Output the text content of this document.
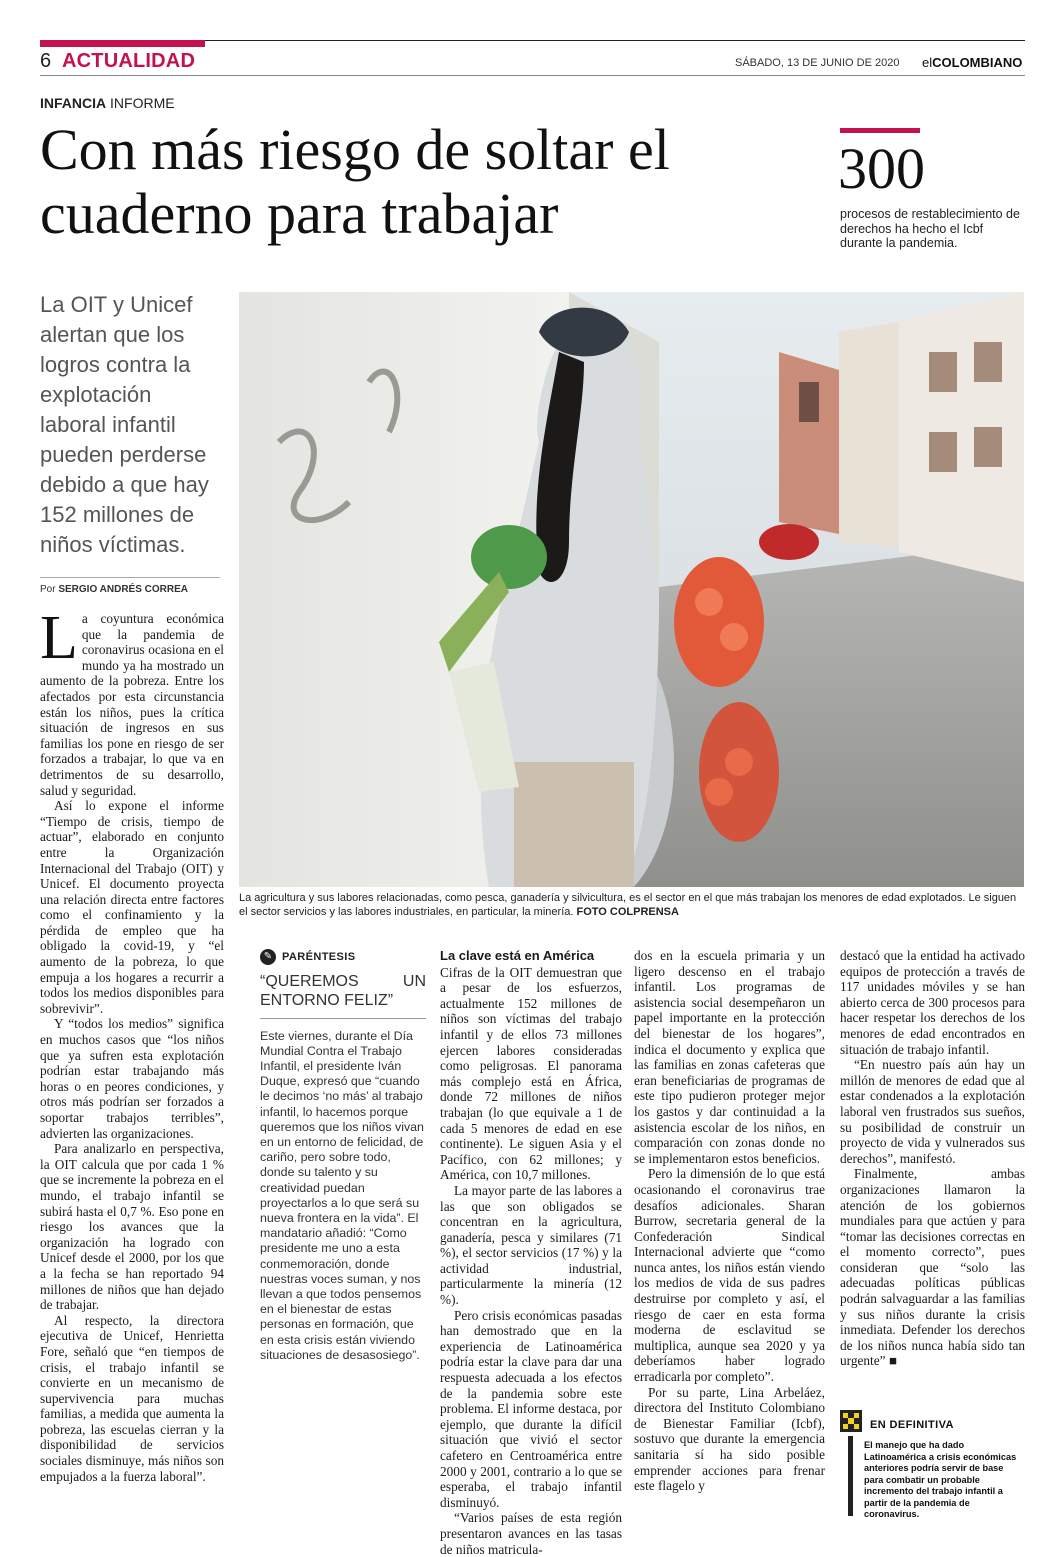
6 ACTUALIDAD	SÁBADO, 13 DE JUNIO DE 2020 elCOLOMBIANO
INFANCIA INFORME
Con más riesgo de soltar el cuaderno para trabajar
300
procesos de restablecimiento de derechos ha hecho el Icbf durante la pandemia.
La OIT y Unicef alertan que los logros contra la explotación laboral infantil pueden perderse debido a que hay 152 millones de niños víctimas.
Por SERGIO ANDRÉS CORREA
La agricultura y sus labores relacionadas, como pesca, ganadería y silvicultura, es el sector en el que más trabajan los menores de edad explotados. Le siguen el sector servicios y las labores industriales, en particular, la minería. FOTO COLPRENSA

La coyuntura económica que la pandemia de coronavirus ocasiona en el mundo ya ha mostrado un aumento de la pobreza. Entre los afectados por esta circunstancia están los niños, pues la crítica situación de ingresos en sus familias los pone en riesgo de ser forzados a trabajar, lo que va en detrimentos de su desarrollo, salud y seguridad.

Así lo expone el informe “Tiempo de crisis, tiempo de actuar”, elaborado en conjunto entre la Organización Internacional del Trabajo (OIT) y Unicef. El documento proyecta una relación directa entre factores como el confinamiento y la pérdida de empleo que ha obligado la covid-19, y “el aumento de la pobreza, lo que empuja a los hogares a recurrir a todos los medios disponibles para sobrevivir”.

Y “todos los medios” significa en muchos casos que “los niños que ya sufren esta explotación podrían estar trabajando más horas o en peores condiciones, y otros más podrían ser forzados a soportar trabajos terribles”, advierten las organizaciones.

Para analizarlo en perspectiva, la OIT calcula que por cada 1 % que se incremente la pobreza en el mundo, el trabajo infantil se subirá hasta el 0,7 %. Eso pone en riesgo los avances que la organización ha logrado con Unicef desde el 2000, por los que a la fecha se han reportado 94 millones de niños que han dejado de trabajar.

Al respecto, la directora ejecutiva de Unicef, Henrietta Fore, señaló que “en tiempos de crisis, el trabajo infantil se convierte en un mecanismo de supervivencia para muchas familias, a medida que aumenta la pobreza, las escuelas cierran y la disponibilidad de servicios sociales disminuye, más niños son empujados a la fuerza laboral”.

✎ PARÉNTESIS
“QUEREMOS UN ENTORNO FELIZ”
Este viernes, durante el Día Mundial Contra el Trabajo Infantil, el presidente Iván Duque, expresó que “cuando le decimos ‘no más’ al trabajo infantil, lo hacemos porque queremos que los niños vivan en un entorno de felicidad, de cariño, pero sobre todo, donde su talento y su creatividad puedan proyectarlos a lo que será su nueva frontera en la vida”. El mandatario añadió: “Como presidente me uno a esta conmemoración, donde nuestras voces suman, y nos llevan a que todos pensemos en el bienestar de estas personas en formación, que en esta crisis están viviendo situaciones de desasosiego”.
La clave está en América

Cifras de la OIT demuestran que a pesar de los esfuerzos, actualmente 152 millones de niños son víctimas del trabajo infantil y de ellos 73 millones ejercen labores consideradas como peligrosas. El panorama más complejo está en África, donde 72 millones de niños trabajan (lo que equivale a 1 de cada 5 menores de edad en ese continente). Le siguen Asia y el Pacífico, con 62 millones; y América, con 10,7 millones.

La mayor parte de las labores a las que son obligados se concentran en la agricultura, ganadería, pesca y similares (71 %), el sector servicios (17 %) y la actividad industrial, particularmente la minería (12 %).

Pero crisis económicas pasadas han demostrado que en la experiencia de Latinoamérica podría estar la clave para dar una respuesta adecuada a los efectos de la pandemia sobre este problema. El informe destaca, por ejemplo, que durante la difícil situación que vivió el sector cafetero en Centroamérica entre 2000 y 2001, contrario a lo que se esperaba, el trabajo infantil disminuyó.

“Varios países de esta región presentaron avances en las tasas de niños matricula-

dos en la escuela primaria y un ligero descenso en el trabajo infantil. Los programas de asistencia social desempeñaron un papel importante en la protección del bienestar de los hogares”, indica el documento y explica que las familias en zonas cafeteras que eran beneficiarias de programas de este tipo pudieron proteger mejor los gastos y dar continuidad a la asistencia escolar de los niños, en comparación con zonas donde no se implementaron estos beneficios.

Pero la dimensión de lo que está ocasionando el coronavirus trae desafíos adicionales. Sharan Burrow, secretaria general de la Confederación Sindical Internacional advierte que “como nunca antes, los niños están viendo los medios de vida de sus padres destruirse por completo y así, el riesgo de caer en esta forma moderna de esclavitud se multiplica, aunque sea 2020 y ya deberíamos haber logrado erradicarla por completo”.

Por su parte, Lina Arbeláez, directora del Instituto Colombiano de Bienestar Familiar (Icbf), sostuvo que durante la emergencia sanitaria sí ha sido posible emprender acciones para frenar este flagelo y

destacó que la entidad ha activado equipos de protección a través de 117 unidades móviles y se han abierto cerca de 300 procesos para hacer respetar los derechos de los menores de edad encontrados en situación de trabajo infantil.

“En nuestro país aún hay un millón de menores de edad que al estar condenados a la explotación laboral ven frustrados sus sueños, su posibilidad de construir un proyecto de vida y vulnerados sus derechos”, manifestó.

Finalmente, ambas organizaciones llamaron la atención de los gobiernos mundiales para que actúen y para “tomar las decisiones correctas en el momento correcto”, pues consideran que “solo las adecuadas políticas públicas podrán salvaguardar a las familias y sus niños durante la crisis inmediata. Defender los derechos de los niños nunca había sido tan urgente” ■

EN DEFINITIVA
El manejo que ha dado Latinoamérica a crisis económicas anteriores podría servir de base para combatir un probable incremento del trabajo infantil a partir de la pandemia de coronavirus.
